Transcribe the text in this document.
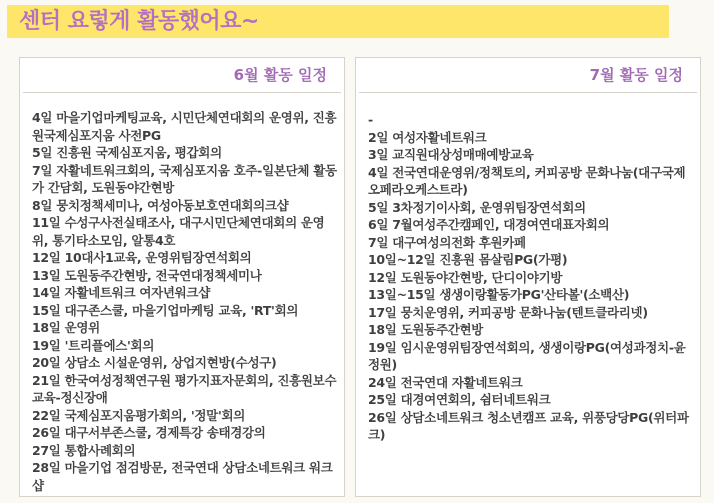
센터 요렇게 활동했어요~
6월 활동 일정
4일 마을기업마케팅교육, 시민단체연대회의 운영위, 진흥원국제심포지움 사전PG
5일 진흥원 국제심포지움, 평갑회의
7일 자활네트워크회의, 국제심포지움 호주-일본단체 활동가 간담회, 도원동야간현방
8일 뭉치정책세미나, 여성아동보호연대회의크샵
11일 수성구사전실태조사, 대구시민단체연대회의 운영위, 통기타소모임, 알통4호
12일 10대사1교육, 운영위팀장연석회의
13일 도원동주간현방, 전국연대정책세미나
14일 자활네트워크 여자년워크샵
15일 대구존스쿨, 마을기업마케팅 교육, 'RT'회의
18일 운영위
19일 '트리플에스'회의
20일 상담소 시설운영위, 상업지현방(수성구)
21일 한국여성정책연구원 평가지표자문회의, 진흥원보수교육-정신장애
22일 국제심포지움평가회의, '정말'회의
26일 대구서부존스쿨, 경제특강 송태경강의
27일 통합사례회의
28일 마을기업 점검방문, 전국연대 상담소네트워크 워크샵
7월 활동 일정
-
2일 여성자활네트워크
3일 교직원대상성매매예방교육
4일 전국연대운영위/정책토의, 커피공방 문화나눔(대구국제오페라오케스트라)
5일 3차정기이사회, 운영위팀장연석회의
6일 7월여성주간캠페인, 대경여연대표자회의
7일 대구여성의전화 후원카페
10일~12일 진흥원 몸살림PG(가평)
12일 도원동야간현방, 단디이야기방
13일~15일 생생이랑활동가PG'산타볼'(소백산)
17일 뭉치운영위, 커피공방 문화나눔(텐트클라리넷)
18일 도원동주간현방
19일 임시운영위팀장연석회의, 생생이랑PG(여성과정치-윤정원)
24일 전국연대 자활네트워크
25일 대경여연회의, 쉼터네트워크
26일 상담소네트워크 청소년캠프 교육, 위풍당당PG(위터파크)
